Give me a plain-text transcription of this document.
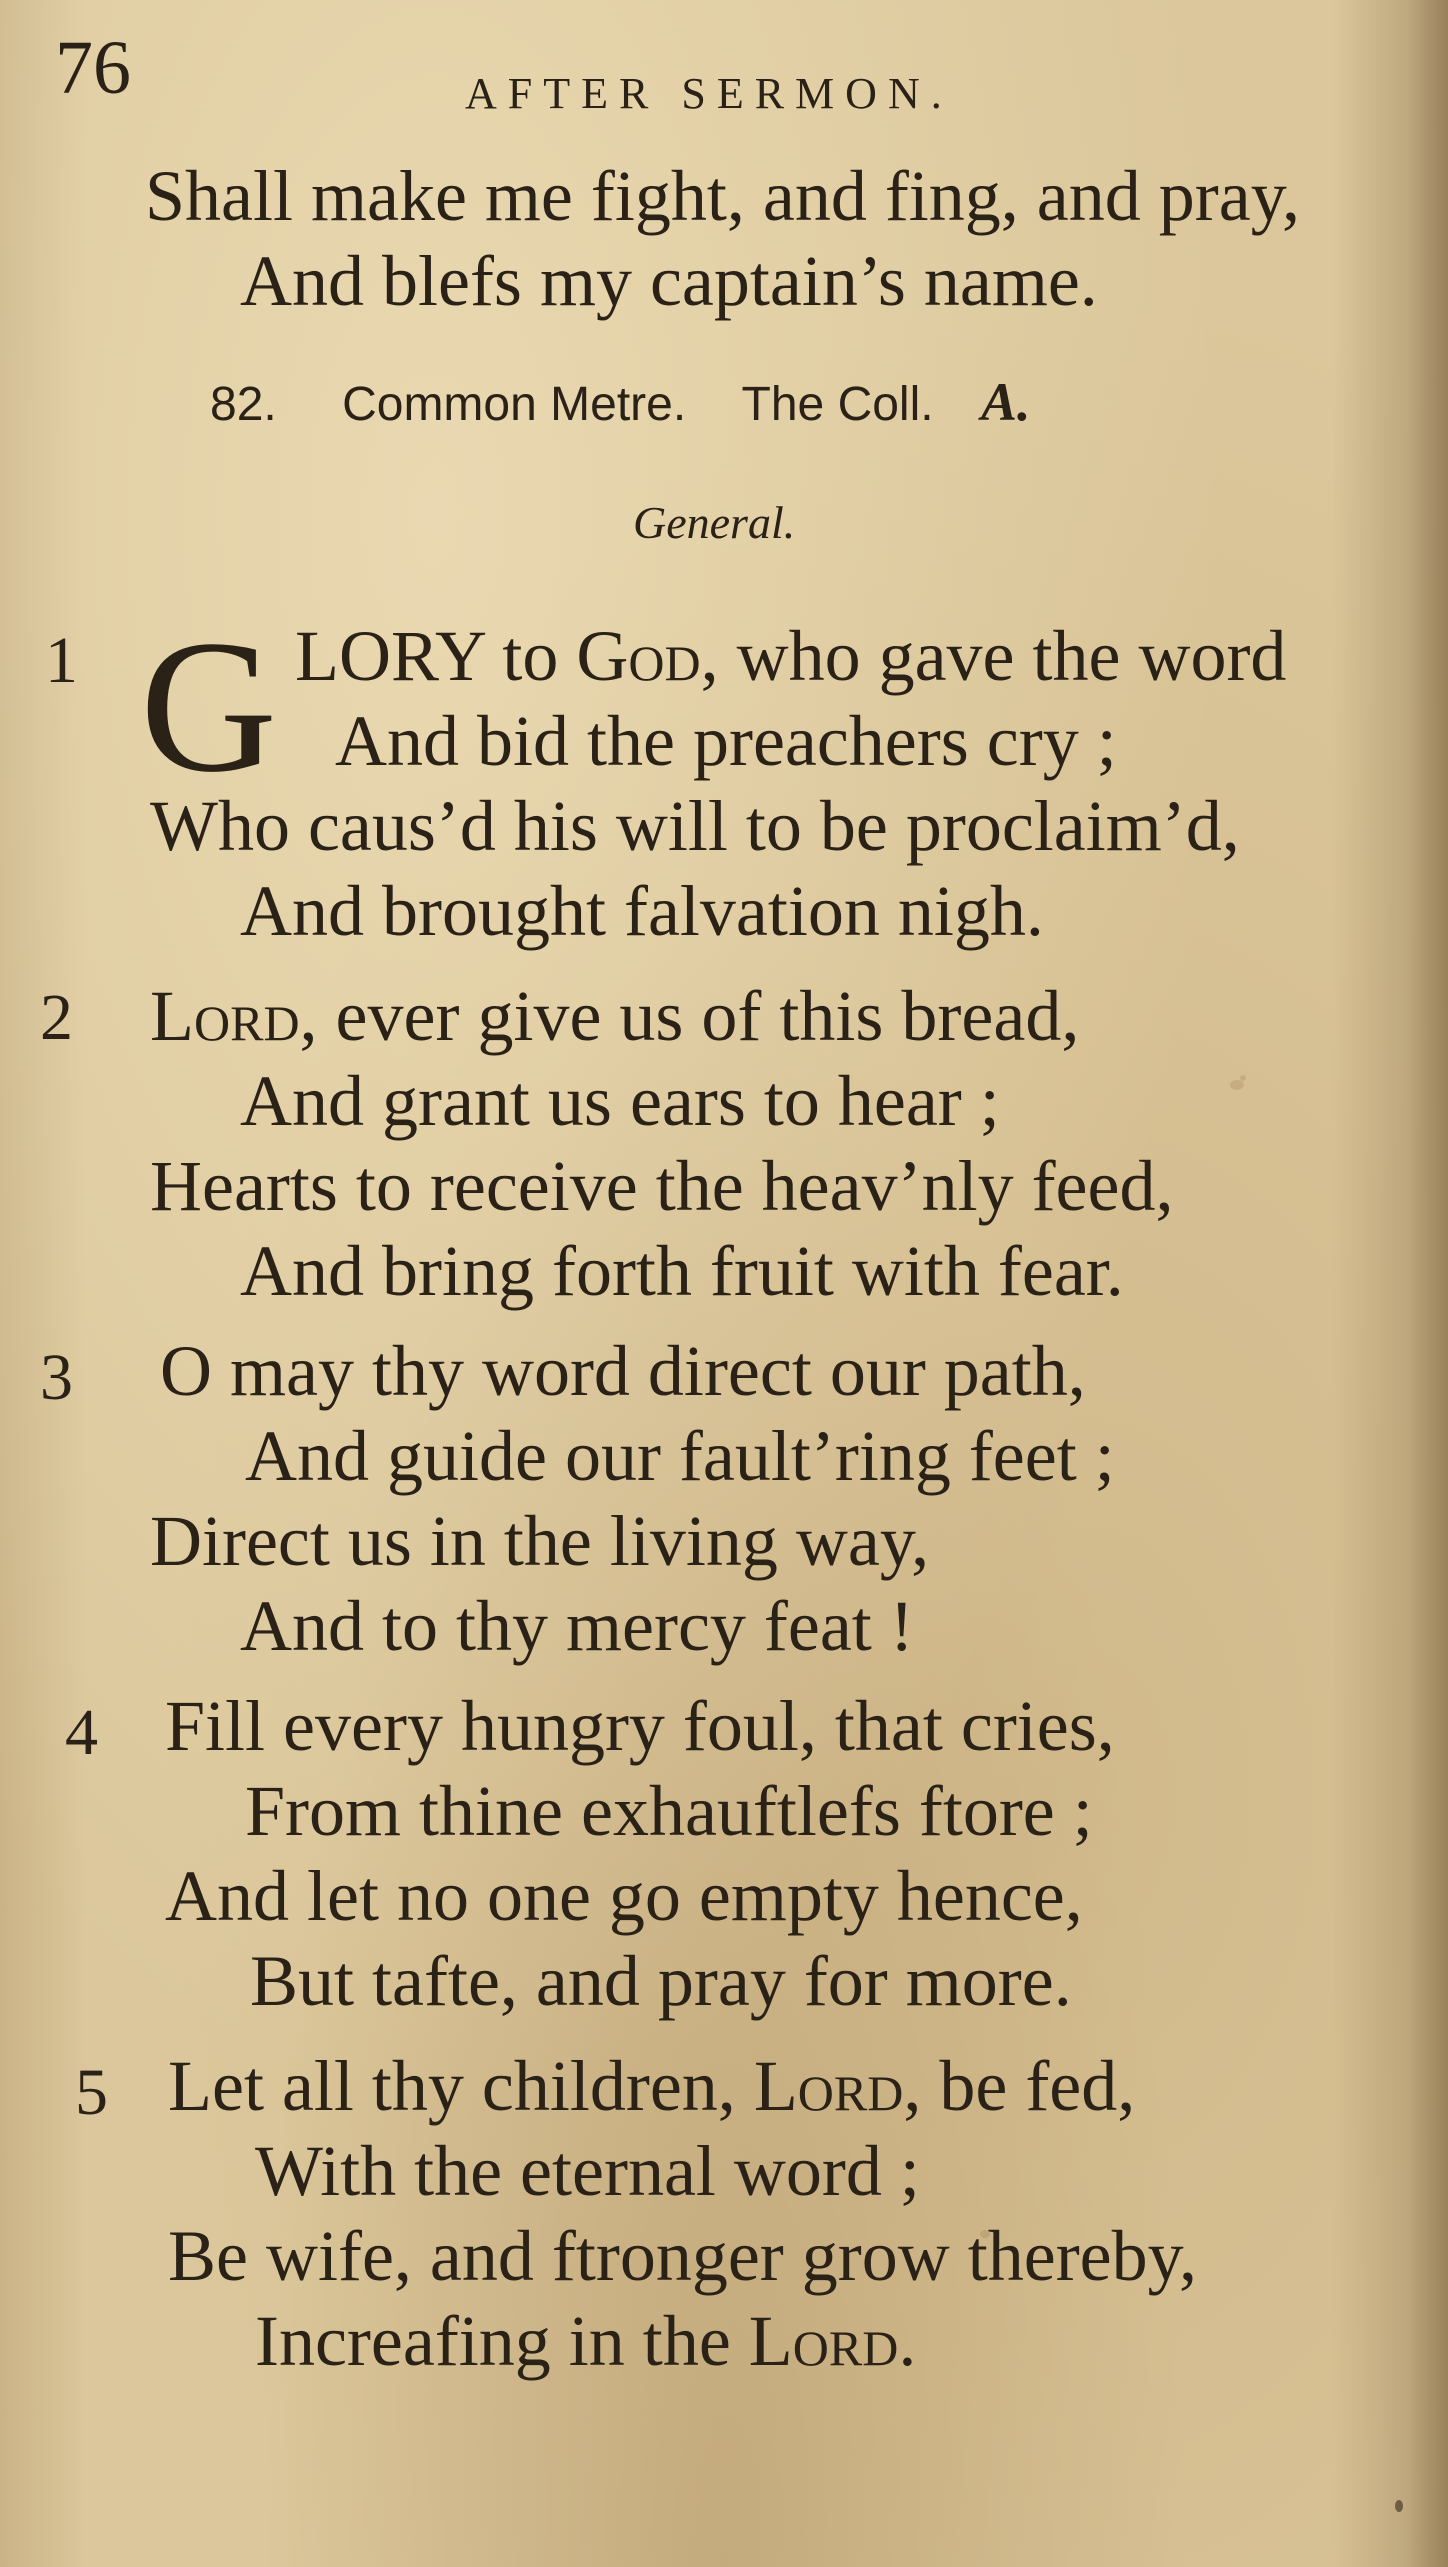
76	AFTER SERMON.
Shall make me fight, and fing, and pray,
And blefs my captain’s name.
82. Common Metre. The Coll. A.
General.
1 G LORY to God, who gave the word
And bid the preachers cry ;
Who caus’d his will to be proclaim’d,
And brought falvation nigh.
2 Lord, ever give us of this bread,
And grant us ears to hear ;
Hearts to receive the heav’nly feed,
And bring forth fruit with fear.
3 O may thy word direct our path,
And guide our fault’ring feet ;
Direct us in the living way,
And to thy mercy feat !
4 Fill every hungry foul, that cries,
From thine exhauftlefs ftore ;
And let no one go empty hence,
But tafte, and pray for more.
5 Let all thy children, Lord, be fed,
With the eternal word ;
Be wife, and ftronger grow thereby,
Increafing in the Lord.
